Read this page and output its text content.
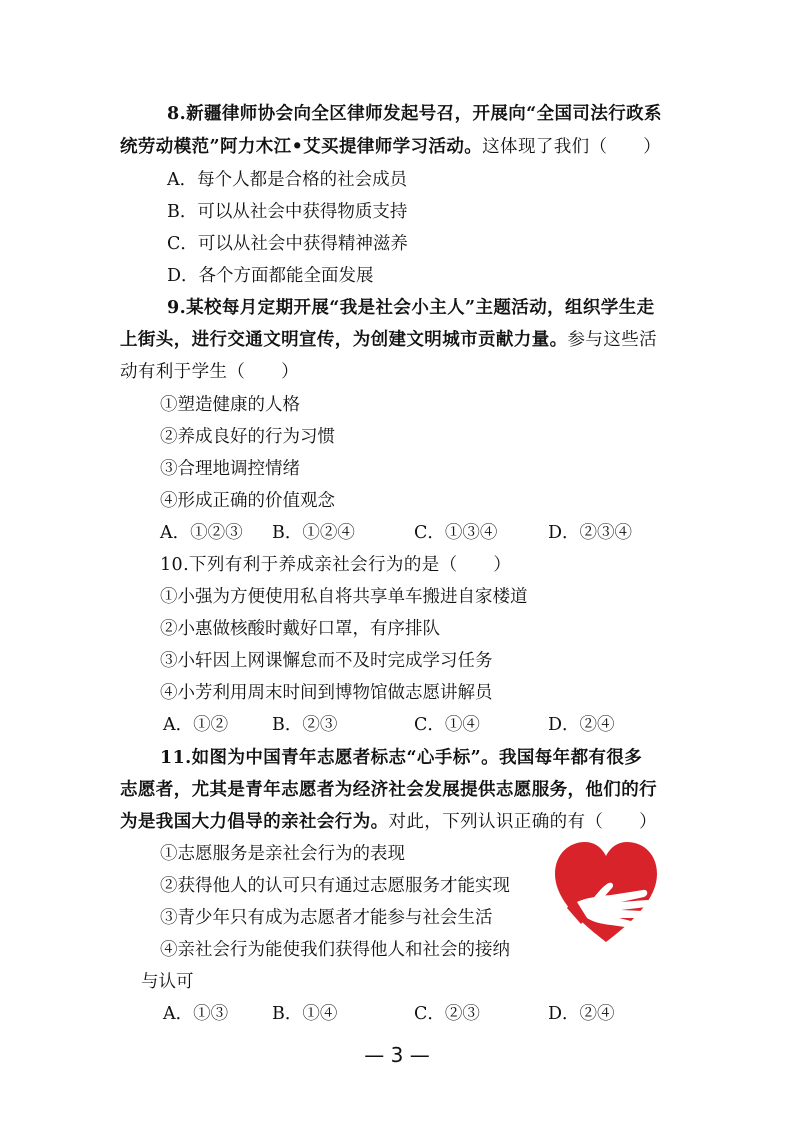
8.新疆律师协会向全区律师发起号召，开展向“全国司法行政系
统劳动模范”阿力木江•艾买提律师学习活动。这体现了我们（　　）
A．每个人都是合格的社会成员
B．可以从社会中获得物质支持
C．可以从社会中获得精神滋养
D．各个方面都能全面发展
9.某校每月定期开展“我是社会小主人”主题活动，组织学生走
上街头，进行交通文明宣传，为创建文明城市贡献力量。参与这些活
动有利于学生（　　）
①塑造健康的人格
②养成良好的行为习惯
③合理地调控情绪
④形成正确的价值观念
A．①②③ B．①②④	C．①③④	D．②③④
10.下列有利于养成亲社会行为的是（　　）
①小强为方便使用私自将共享单车搬进自家楼道
②小惠做核酸时戴好口罩，有序排队
③小轩因上网课懈怠而不及时完成学习任务
④小芳利用周末时间到博物馆做志愿讲解员
A．①②	B．②③	C．①④	D．②④
11.如图为中国青年志愿者标志“心手标”。我国每年都有很多
志愿者，尤其是青年志愿者为经济社会发展提供志愿服务，他们的行
为是我国大力倡导的亲社会行为。对此，下列认识正确的有（　　）
①志愿服务是亲社会行为的表现
②获得他人的认可只有通过志愿服务才能实现
③青少年只有成为志愿者才能参与社会生活
④亲社会行为能使我们获得他人和社会的接纳
与认可
A．①③	B．①④	C．②③	D．②④
— 3 —
